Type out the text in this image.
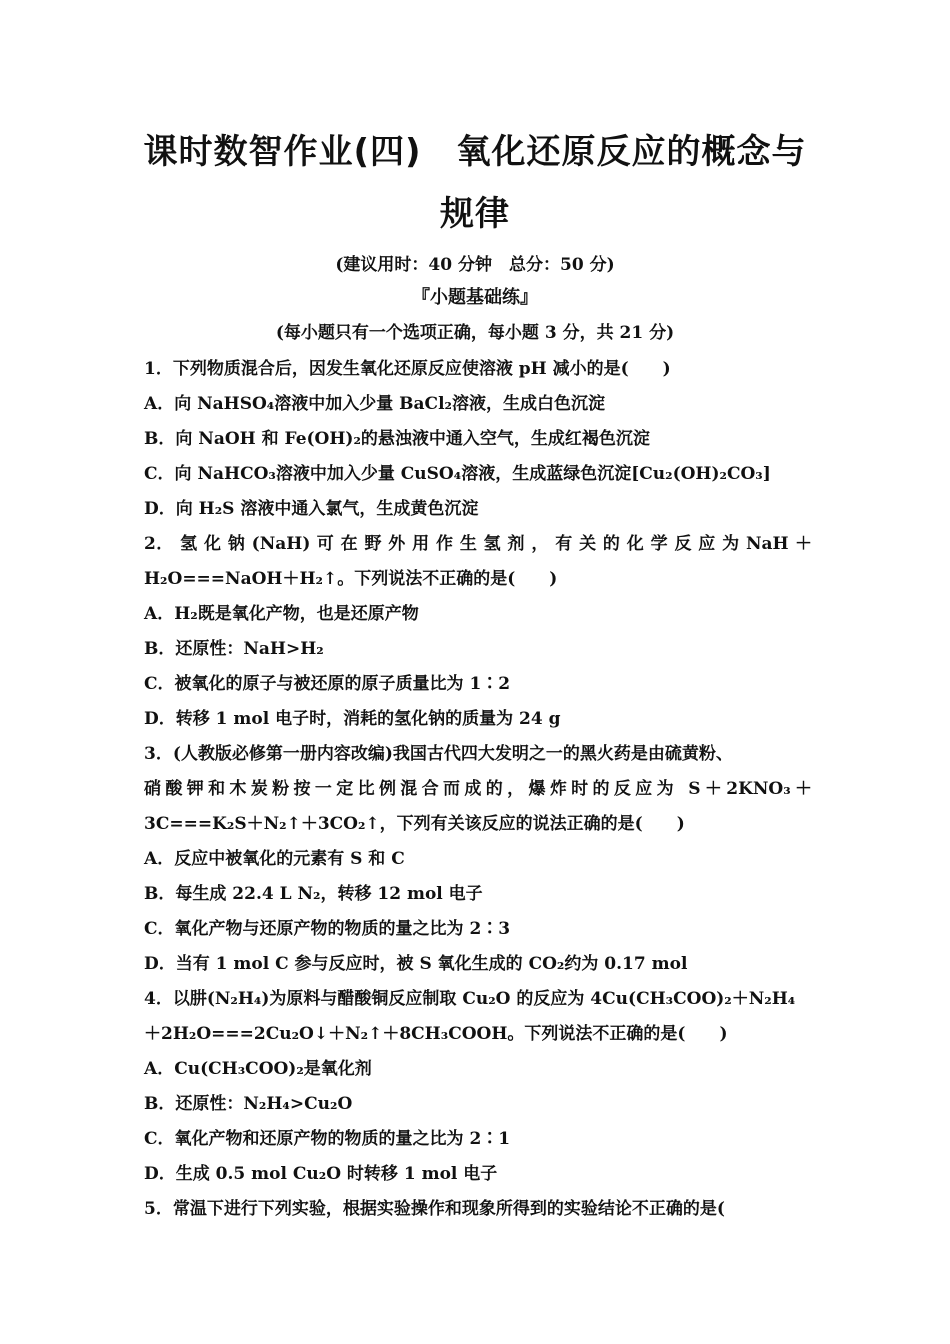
课时数智作业(四)　氧化还原反应的概念与
规律
(建议用时：40 分钟　总分：50 分)
『小题基础练』
(每小题只有一个选项正确，每小题 3 分，共 21 分)
1．下列物质混合后，因发生氧化还原反应使溶液 pH 减小的是(　　)
A．向 NaHSO₄溶液中加入少量 BaCl₂溶液，生成白色沉淀
B．向 NaOH 和 Fe(OH)₂的悬浊液中通入空气，生成红褐色沉淀
C．向 NaHCO₃溶液中加入少量 CuSO₄溶液，生成蓝绿色沉淀[Cu₂(OH)₂CO₃]
D．向 H₂S 溶液中通入氯气，生成黄色沉淀
2． 氢 化 钠 (NaH) 可 在 野 外 用 作 生 氢 剂 ， 有 关 的 化 学 反 应 为 NaH ＋
H₂O===NaOH＋H₂↑。下列说法不正确的是(　　)
A．H₂既是氧化产物，也是还原产物
B．还原性：NaH>H₂
C．被氧化的原子与被还原的原子质量比为 1∶2
D．转移 1 mol 电子时，消耗的氢化钠的质量为 24 g
3．(人教版必修第一册内容改编)我国古代四大发明之一的黑火药是由硫黄粉、
硝酸钾和木炭粉按一定比例混合而成的，爆炸时的反应为 S＋2KNO₃＋
3C===K₂S＋N₂↑＋3CO₂↑，下列有关该反应的说法正确的是(　　)
A．反应中被氧化的元素有 S 和 C
B．每生成 22.4 L N₂，转移 12 mol 电子
C．氧化产物与还原产物的物质的量之比为 2∶3
D．当有 1 mol C 参与反应时，被 S 氧化生成的 CO₂约为 0.17 mol
4．以肼(N₂H₄)为原料与醋酸铜反应制取 Cu₂O 的反应为 4Cu(CH₃COO)₂＋N₂H₄
＋2H₂O===2Cu₂O↓＋N₂↑＋8CH₃COOH。下列说法不正确的是(　　)
A．Cu(CH₃COO)₂是氧化剂
B．还原性：N₂H₄>Cu₂O
C．氧化产物和还原产物的物质的量之比为 2∶1
D．生成 0.5 mol Cu₂O 时转移 1 mol 电子
5．常温下进行下列实验，根据实验操作和现象所得到的实验结论不正确的是(
